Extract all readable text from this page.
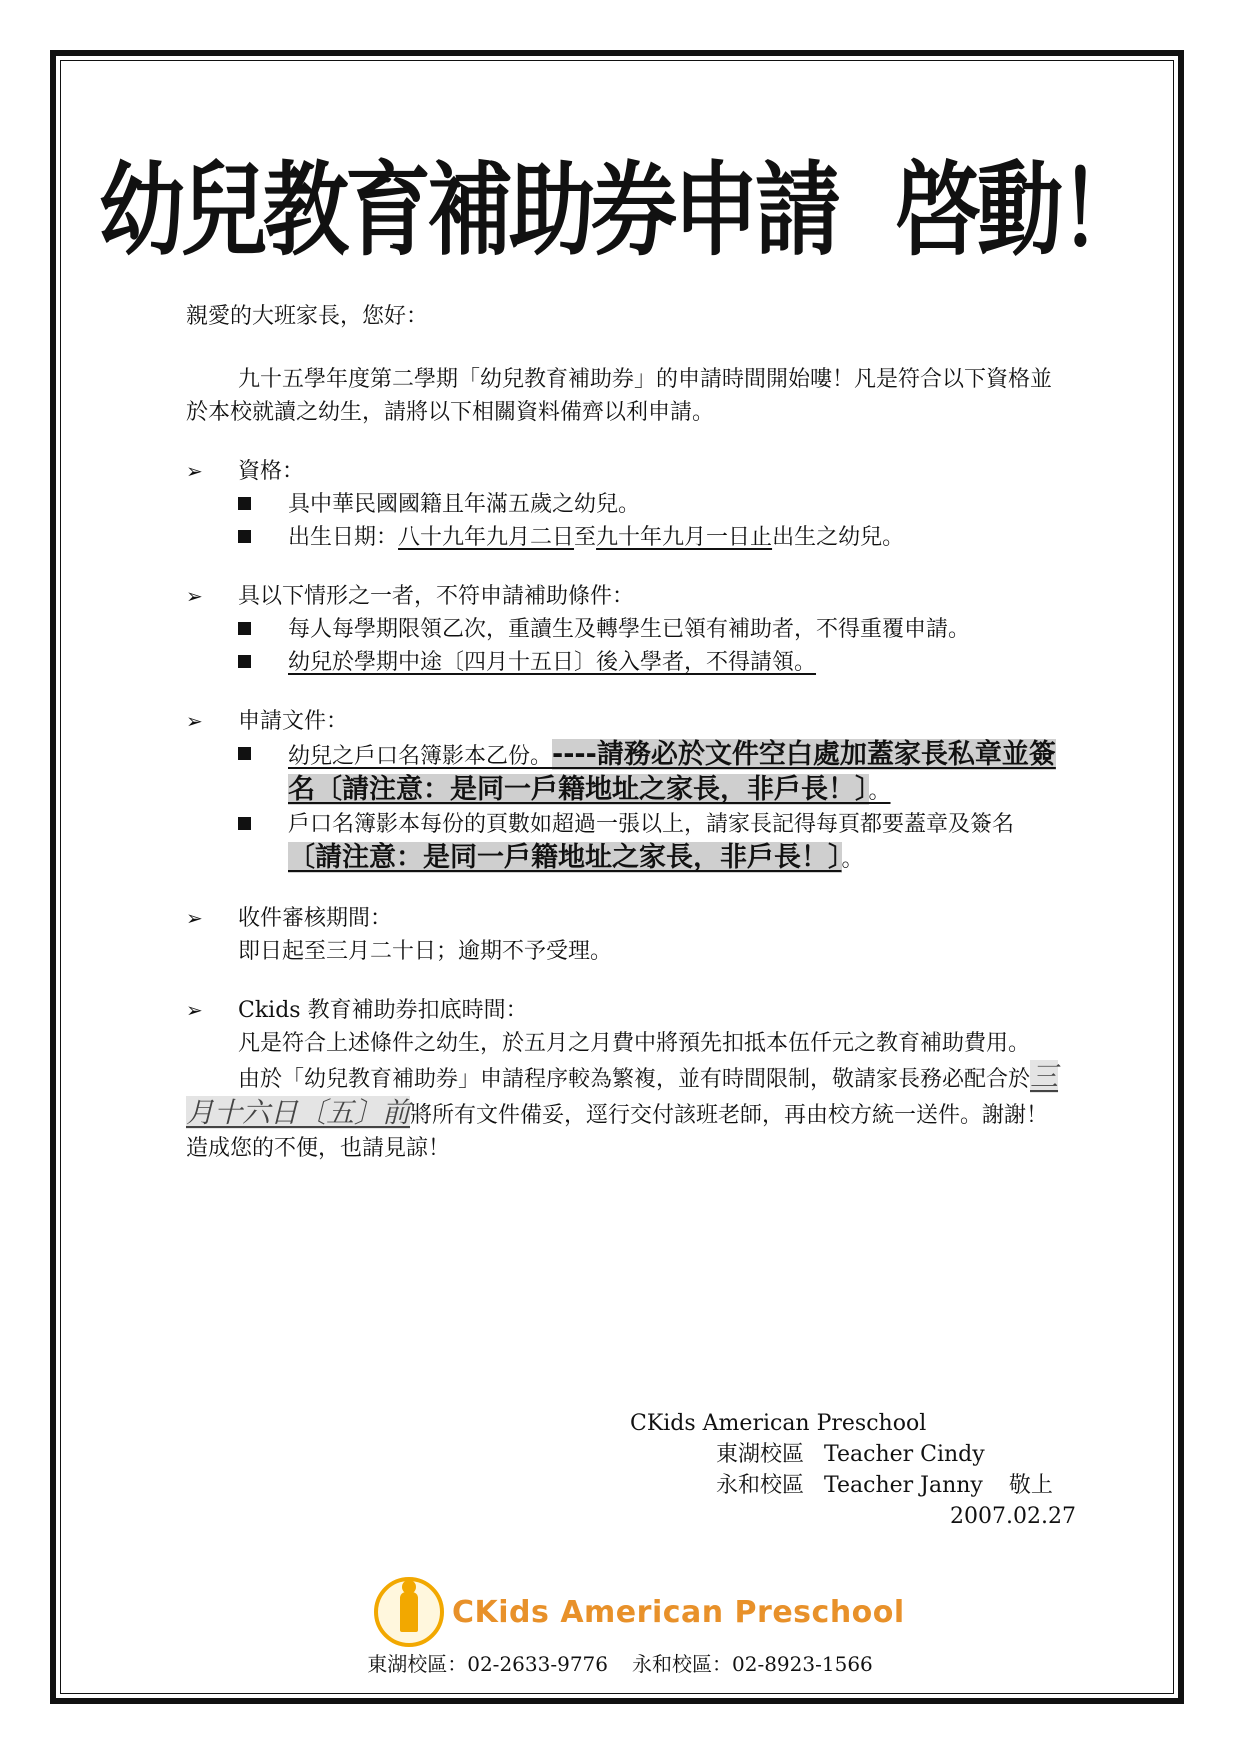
幼兒教育補助券申請 啓動！

親愛的大班家長，您好：

九十五學年度第二學期「幼兒教育補助券」的申請時間開始嘍！凡是符合以下資格並於本校就讀之幼生，請將以下相關資料備齊以利申請。

➢ 資格：
具中華民國國籍且年滿五歲之幼兒。
出生日期：八十九年九月二日至九十年九月一日止出生之幼兒。
➢ 具以下情形之一者，不符申請補助條件：
每人每學期限領乙次，重讀生及轉學生已領有補助者，不得重覆申請。
幼兒於學期中途〔四月十五日〕後入學者，不得請領。
➢ 申請文件：
幼兒之戶口名簿影本乙份。----請務必於文件空白處加蓋家長私章並簽名〔請注意：是同一戶籍地址之家長，非戶長！〕。
戶口名簿影本每份的頁數如超過一張以上，請家長記得每頁都要蓋章及簽名〔請注意：是同一戶籍地址之家長，非戶長！〕。
➢ 收件審核期間：
即日起至三月二十日；逾期不予受理。
➢ Ckids 教育補助券扣底時間：
凡是符合上述條件之幼生，於五月之月費中將預先扣抵本伍仟元之教育補助費用。

由於「幼兒教育補助券」申請程序較為繁複，並有時間限制，敬請家長務必配合於三月十六日〔五〕前將所有文件備妥，逕行交付該班老師，再由校方統一送件。謝謝！造成您的不便，也請見諒！

CKids American Preschool
東湖校區 Teacher Cindy
永和校區 Teacher Janny 敬上
2007.02.27
CKids American Preschool
東湖校區：02-2633-9776 永和校區：02-8923-1566
